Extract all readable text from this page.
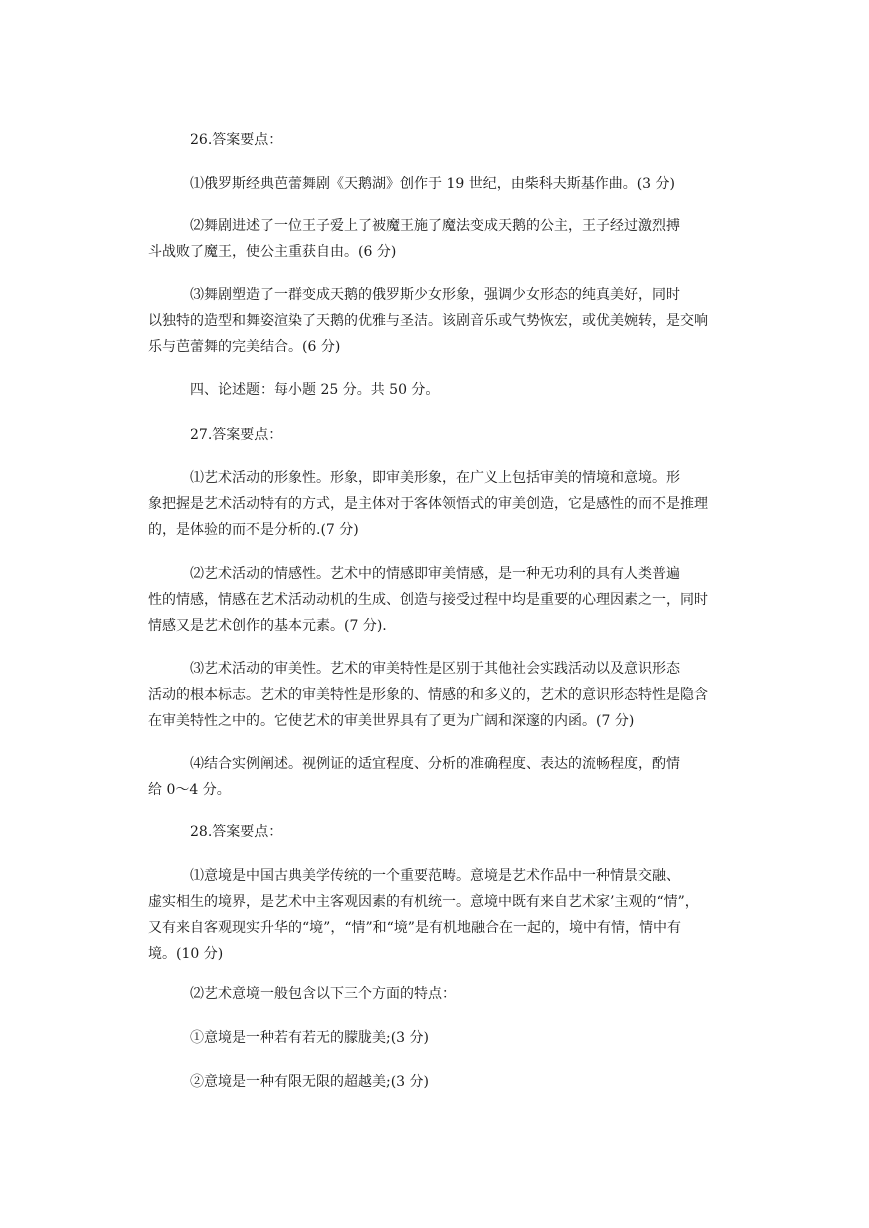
26.答案要点：

⑴俄罗斯经典芭蕾舞剧《天鹅湖》创作于 19 世纪，由柴科夫斯基作曲。(3 分)

⑵舞剧进述了一位王子爱上了被魔王施了魔法变成天鹅的公主，王子经过激烈搏
斗战败了魔王，使公主重获自由。(6 分)

⑶舞剧塑造了一群变成天鹅的俄罗斯少女形象，强调少女形态的纯真美好，同时
以独特的造型和舞姿渲染了天鹅的优雅与圣洁。该剧音乐或气势恢宏，或优美婉转，是交响
乐与芭蕾舞的完美结合。(6 分)

四、论述题：每小题 25 分。共 50 分。

27.答案要点：

⑴艺术活动的形象性。形象，即审美形象，在广义上包括审美的情境和意境。形
象把握是艺术活动特有的方式，是主体对于客体领悟式的审美创造，它是感性的而不是推理
的，是体验的而不是分析的.(7 分)

⑵艺术活动的情感性。艺术中的情感即审美情感，是一种无功利的具有人类普遍
性的情感，情感在艺术活动动机的生成、创造与接受过程中均是重要的心理因素之一，同时
情感又是艺术创作的基本元素。(7 分).

⑶艺术活动的审美性。艺术的审美特性是区别于其他社会实践活动以及意识形态
活动的根本标志。艺术的审美特性是形象的、情感的和多义的，艺术的意识形态特性是隐含
在审美特性之中的。它使艺术的审美世界具有了更为广阔和深邃的内函。(7 分)

⑷结合实例阐述。视例证的适宜程度、分析的准确程度、表达的流畅程度，酌情
给 0～4 分。

28.答案要点：

⑴意境是中国古典美学传统的一个重要范畴。意境是艺术作品中一种情景交融、
虚实相生的境界，是艺术中主客观因素的有机统一。意境中既有来自艺术家’主观的“情”，
又有来自客观现实升华的“境”，“情”和“境”是有机地融合在一起的，境中有情，情中有
境。(10 分)

⑵艺术意境一般包含以下三个方面的特点：

①意境是一种若有若无的朦胧美;(3 分)

②意境是一种有限无限的超越美;(3 分)
